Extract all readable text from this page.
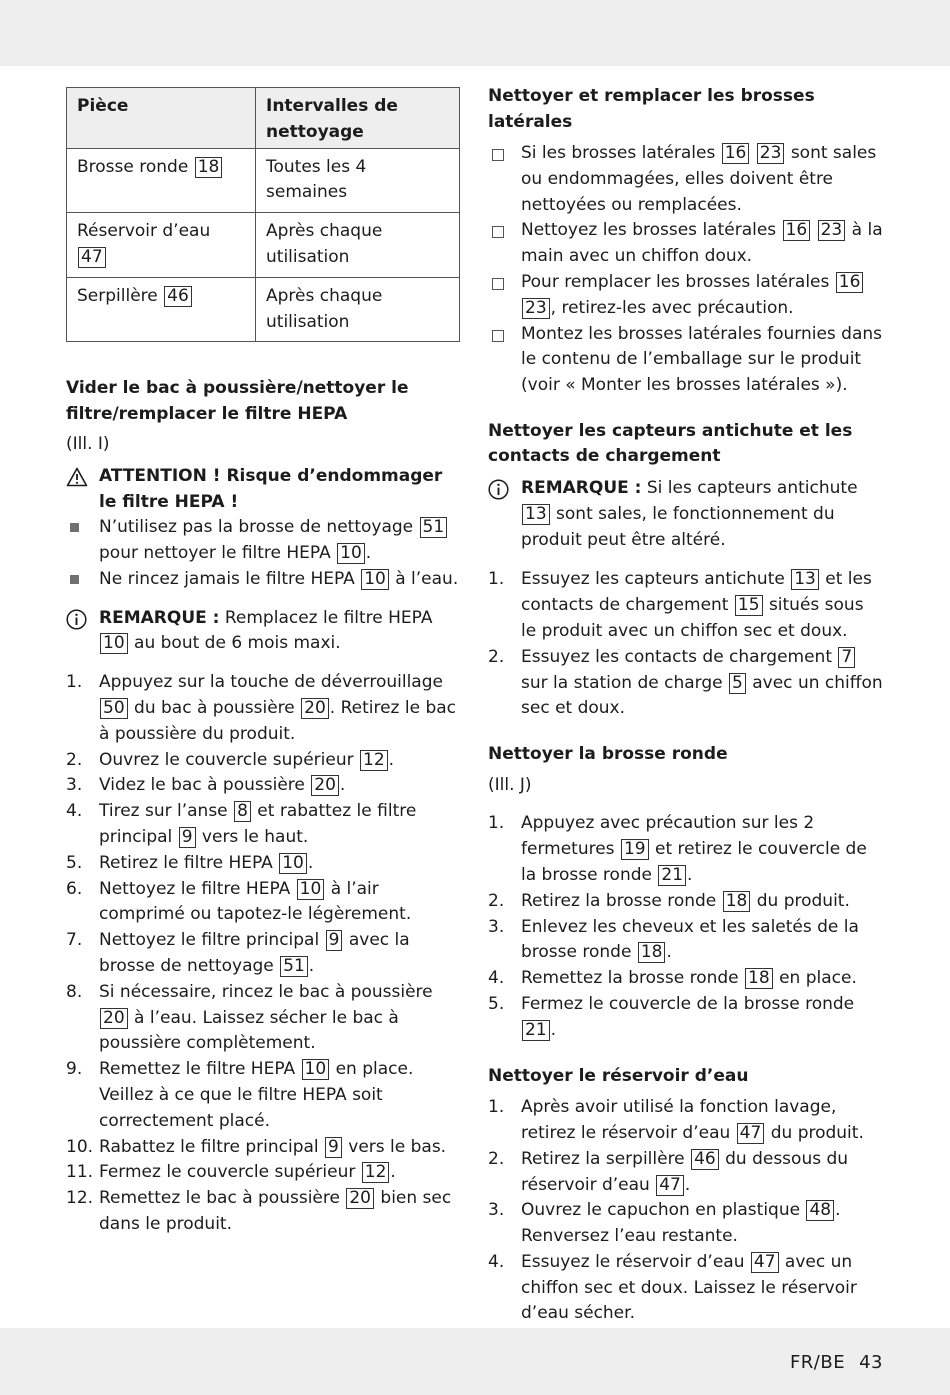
Pièce	Intervalles de nettoyage
Brosse ronde 18	Toutes les 4 semaines
Réservoir d’eau 47	Après chaque utilisation
Serpillère 46	Après chaque utilisation
Vider le bac à poussière/nettoyer le filtre/remplacer le filtre HEPA

(Ill. I)

ATTENTION ! Risque d’endommager le filtre HEPA !
N’utilisez pas la brosse de nettoyage 51 pour nettoyer le filtre HEPA 10 .
Ne rincez jamais le filtre HEPA 10 à l’eau.
REMARQUE : Remplacez le filtre HEPA 10 au bout de 6 mois maxi.
1. Appuyez sur la touche de déverrouillage 50 du bac à poussière 20 . Retirez le bac à poussière du produit.
2. Ouvrez le couvercle supérieur 12 .
3. Videz le bac à poussière 20 .
4. Tirez sur l’anse 8 et rabattez le filtre principal 9 vers le haut.
5. Retirez le filtre HEPA 10 .
6. Nettoyez le filtre HEPA 10 à l’air comprimé ou tapotez-le légèrement.
7. Nettoyez le filtre principal 9 avec la brosse de nettoyage 51 .
8. Si nécessaire, rincez le bac à poussière 20 à l’eau. Laissez sécher le bac à poussière complètement.
9. Remettez le filtre HEPA 10 en place. Veillez à ce que le filtre HEPA soit correctement placé.
10. Rabattez le filtre principal 9 vers le bas.
11. Fermez le couvercle supérieur 12 .
12. Remettez le bac à poussière 20 bien sec dans le produit.
Nettoyer et remplacer les brosses latérales
Si les brosses latérales 16 23 sont sales ou endommagées, elles doivent être nettoyées ou remplacées.
Nettoyez les brosses latérales 16 23 à la main avec un chiffon doux.
Pour remplacer les brosses latérales 16 23 , retirez-les avec précaution.
Montez les brosses latérales fournies dans le contenu de l’emballage sur le produit (voir « Monter les brosses latérales »).
Nettoyer les capteurs antichute et les contacts de chargement
REMARQUE : Si les capteurs antichute 13 sont sales, le fonctionnement du produit peut être altéré.
1. Essuyez les capteurs antichute 13 et les contacts de chargement 15 situés sous le produit avec un chiffon sec et doux.
2. Essuyez les contacts de chargement 7 sur la station de charge 5 avec un chiffon sec et doux.
Nettoyer la brosse ronde

(Ill. J)

1. Appuyez avec précaution sur les 2 fermetures 19 et retirez le couvercle de la brosse ronde 21 .
2. Retirez la brosse ronde 18 du produit.
3. Enlevez les cheveux et les saletés de la brosse ronde 18 .
4. Remettez la brosse ronde 18 en place.
5. Fermez le couvercle de la brosse ronde 21 .
Nettoyer le réservoir d’eau
1. Après avoir utilisé la fonction lavage, retirez le réservoir d’eau 47 du produit.
2. Retirez la serpillère 46 du dessous du réservoir d’eau 47 .
3. Ouvrez le capuchon en plastique 48 . Renversez l’eau restante.
4. Essuyez le réservoir d’eau 47 avec un chiffon sec et doux. Laissez le réservoir d’eau sécher.
FR/BE 43
